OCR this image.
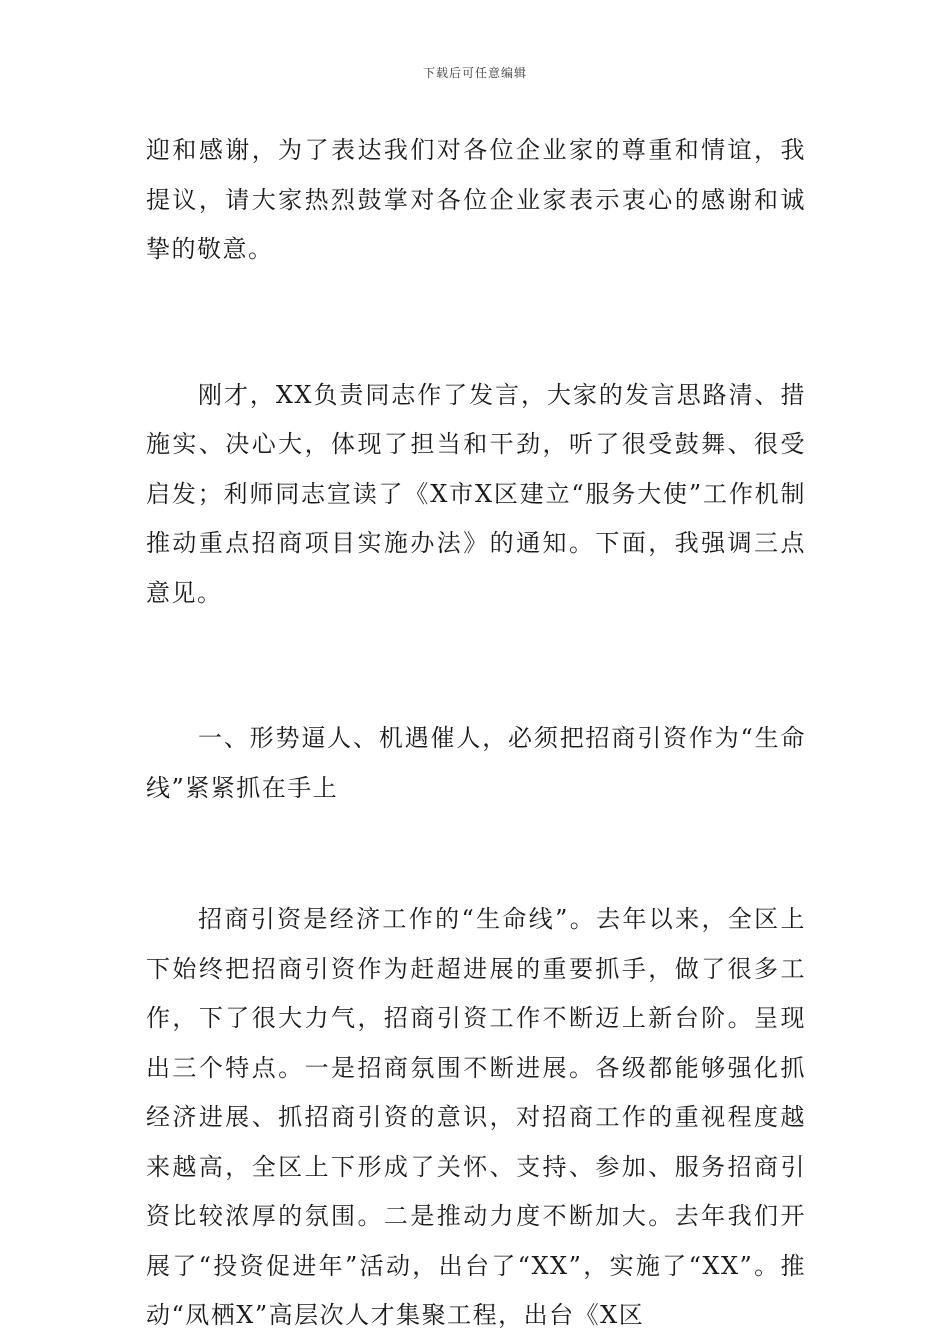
下载后可任意编辑

迎和感谢，为了表达我们对各位企业家的尊重和情谊，我提议，请大家热烈鼓掌对各位企业家表示衷心的感谢和诚挚的敬意。

刚才，XX负责同志作了发言，大家的发言思路清、措施实、决心大，体现了担当和干劲，听了很受鼓舞、很受启发；利师同志宣读了《X市X区建立“服务大使”工作机制推动重点招商项目实施办法》的通知。下面，我强调三点意见。

一、形势逼人、机遇催人，必须把招商引资作为“生命线”紧紧抓在手上

招商引资是经济工作的“生命线”。去年以来，全区上下始终把招商引资作为赶超进展的重要抓手，做了很多工作，下了很大力气，招商引资工作不断迈上新台阶。呈现出三个特点。一是招商氛围不断进展。各级都能够强化抓经济进展、抓招商引资的意识，对招商工作的重视程度越来越高，全区上下形成了关怀、支持、参加、服务招商引资比较浓厚的氛围。二是推动力度不断加大。去年我们开展了“投资促进年”活动，出台了“XX”，实施了“XX”。推动“凤栖X”高层次人才集聚工程，出台《X区
